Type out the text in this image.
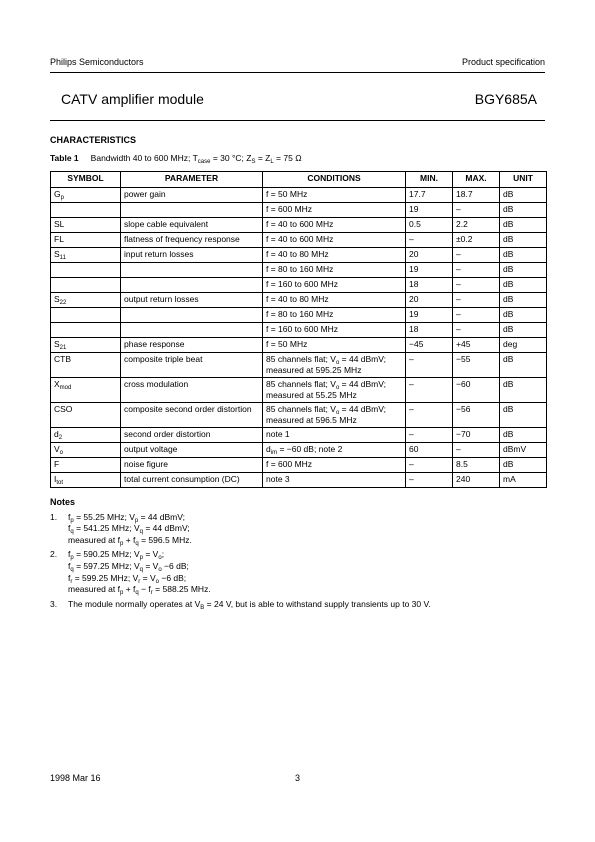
Philips Semiconductors	Product specification
CATV amplifier module	BGY685A
CHARACTERISTICS
Table 1 Bandwidth 40 to 600 MHz; $T_{case} = 30$ °C; $Z_S = Z_L = 75$ Ω
SYMBOL	PARAMETER	CONDITIONS	MIN.	MAX.	UNIT
$G_p$	power gain	f = 50 MHz	17.7	18.7	dB
		f = 600 MHz	19	–	dB
SL	slope cable equivalent	f = 40 to 600 MHz	0.5	2.2	dB
FL	flatness of frequency response	f = 40 to 600 MHz	–	±0.2	dB
$S_{11}$	input return losses	f = 40 to 80 MHz	20	–	dB
		f = 80 to 160 MHz	19	–	dB
		f = 160 to 600 MHz	18	–	dB
$S_{22}$	output return losses	f = 40 to 80 MHz	20	–	dB
		f = 80 to 160 MHz	19	–	dB
		f = 160 to 600 MHz	18	–	dB
$S_{21}$	phase response	f = 50 MHz	−45	+45	deg
CTB	composite triple beat	85 channels flat; $V_o = 44$ dBmV; measured at 595.25 MHz	–	−55	dB
$X_{mod}$	cross modulation	85 channels flat; $V_o = 44$ dBmV; measured at 55.25 MHz	–	−60	dB
CSO	composite second order distortion	85 channels flat; $V_o = 44$ dBmV; measured at 596.5 MHz	–	−56	dB
$d_2$	second order distortion	note 1	–	−70	dB
$V_o$	output voltage	$d_{im} = -60$ dB; note 2	60	–	dBmV
F	noise figure	f = 600 MHz	–	8.5	dB
$I_{tot}$	total current consumption (DC)	note 3	–	240	mA
Notes
1.	$f_p = 55.25$ MHz; $V_p = 44$ dBmV;
$f_q = 541.25$ MHz; $V_q = 44$ dBmV;
measured at $f_p + f_q = 596.5$ MHz.
2.	$f_p = 590.25$ MHz; $V_p = V_o$;
$f_q = 597.25$ MHz; $V_q = V_o -6$ dB;
$f_r = 599.25$ MHz; $V_r = V_o -6$ dB;
measured at $f_p + f_q - f_r = 588.25$ MHz.
3.	The module normally operates at $V_B = 24$ V, but is able to withstand supply transients up to 30 V.
1998 Mar 16	3
